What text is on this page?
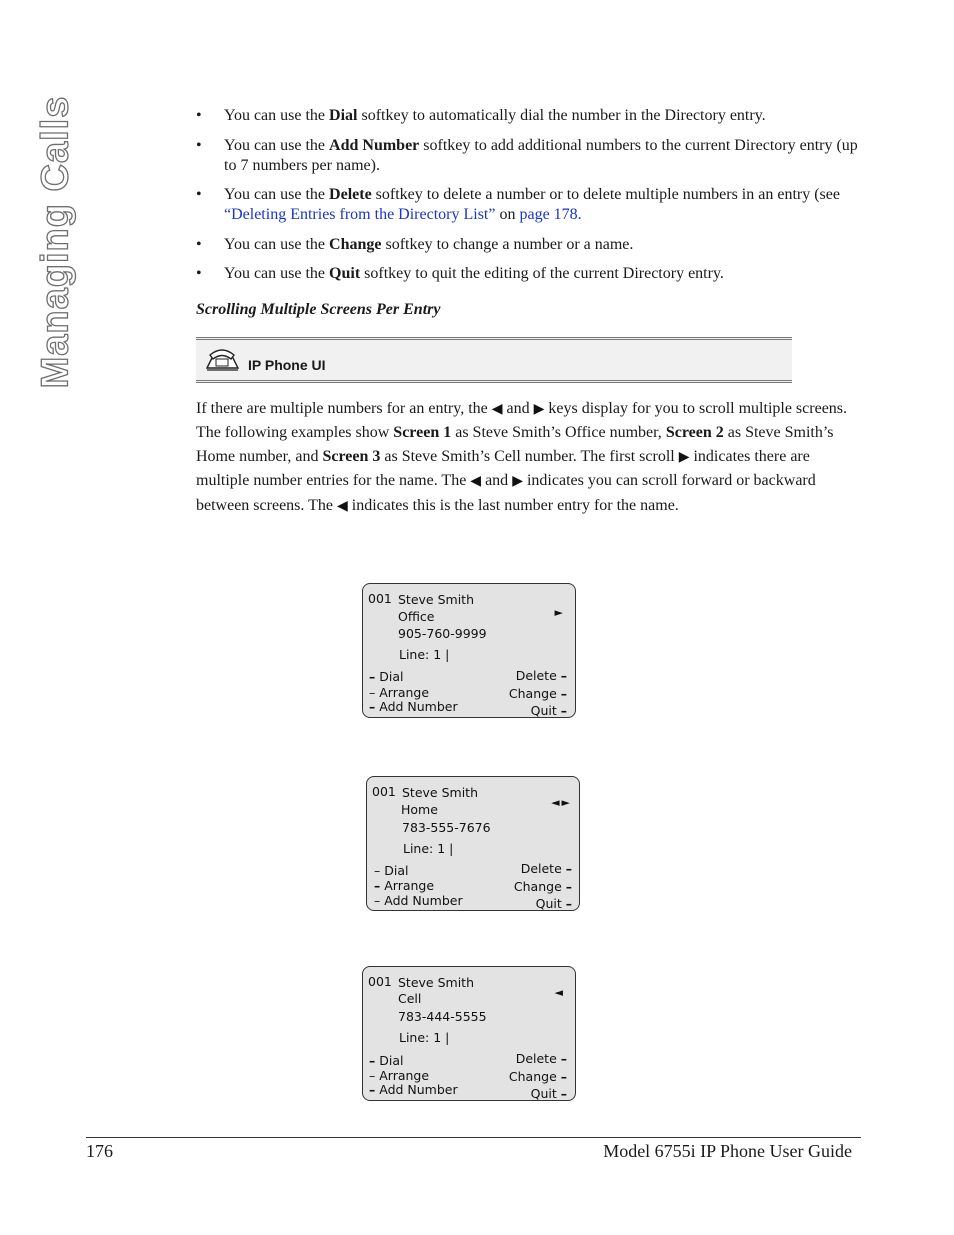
Managing Calls	• You can use the Dial softkey to automatically dial the number in the Directory entry.
• You can use the Add Number softkey to add additional numbers to the current Directory entry (up to 7 numbers per name).
• You can use the Delete softkey to delete a number or to delete multiple numbers in an entry (see “Deleting Entries from the Directory List” on page 178.
• You can use the Change softkey to change a number or a name.
• You can use the Quit softkey to quit the editing of the current Directory entry.
Scrolling Multiple Screens Per Entry
IP Phone UI

If there are multiple numbers for an entry, the ◀ and ▶ keys display for you to scroll multiple screens. The following examples show Screen 1 as Steve Smith’s Office number, Screen 2 as Steve Smith’s Home number, and Screen 3 as Steve Smith’s Cell number. The first scroll ▶ indicates there are multiple number entries for the name. The ◀ and ▶ indicates you can scroll forward or backward between screens. The ◀ indicates this is the last number entry for the name.

001 Steve Smith
►
Office
905-760-9999
Line: 1 |
– Dial
– Arrange
– Add Number
Delete –
Change –
Quit –
001 Steve Smith
◄►
Home
783-555-7676
Line: 1 |
– Dial
– Arrange
– Add Number
Delete –
Change –
Quit –
001 Steve Smith
◄
Cell
783-444-5555
Line: 1 |
– Dial
– Arrange
– Add Number
Delete –
Change –
Quit –
176	Model 6755i IP Phone User Guide
